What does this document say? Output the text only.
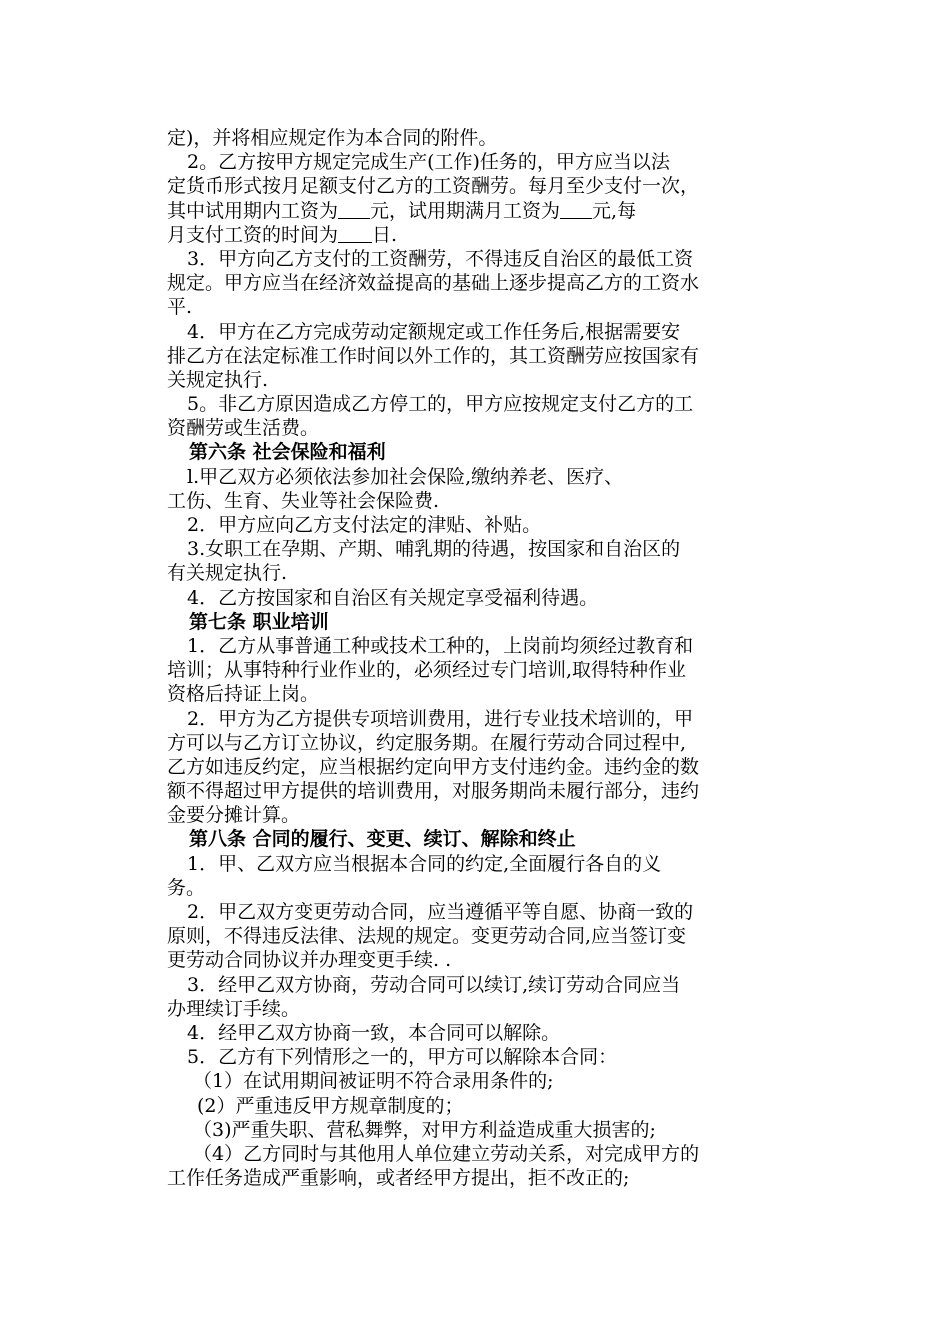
定)，并将相应规定作为本合同的附件。
2。乙方按甲方规定完成生产(工作)任务的，甲方应当以法
定货币形式按月足额支付乙方的工资酬劳。每月至少支付一次，
其中试用期内工资为 元，试用期满月工资为 元,每
月支付工资的时间为 日.
3．甲方向乙方支付的工资酬劳，不得违反自治区的最低工资
规定。甲方应当在经济效益提高的基础上逐步提高乙方的工资水
平.
4．甲方在乙方完成劳动定额规定或工作任务后,根据需要安
排乙方在法定标准工作时间以外工作的，其工资酬劳应按国家有
关规定执行.
5。非乙方原因造成乙方停工的，甲方应按规定支付乙方的工
资酬劳或生活费。
第六条 社会保险和福利
l.甲乙双方必须依法参加社会保险,缴纳养老、医疗、
工伤、生育、失业等社会保险费.
2．甲方应向乙方支付法定的津贴、补贴。
3.女职工在孕期、产期、哺乳期的待遇，按国家和自治区的
有关规定执行.
4．乙方按国家和自治区有关规定享受福利待遇。
第七条 职业培训
1．乙方从事普通工种或技术工种的，上岗前均须经过教育和
培训；从事特种行业作业的，必须经过专门培训,取得特种作业
资格后持证上岗。
2．甲方为乙方提供专项培训费用，进行专业技术培训的，甲
方可以与乙方订立协议，约定服务期。在履行劳动合同过程中,
乙方如违反约定，应当根据约定向甲方支付违约金。违约金的数
额不得超过甲方提供的培训费用，对服务期尚未履行部分，违约
金要分摊计算。
第八条 合同的履行、变更、续订、解除和终止
1．甲、乙双方应当根据本合同的约定,全面履行各自的义
务。
2．甲乙双方变更劳动合同，应当遵循平等自愿、协商一致的
原则，不得违反法律、法规的规定。变更劳动合同,应当签订变
更劳动合同协议并办理变更手续. .
3．经甲乙双方协商，劳动合同可以续订,续订劳动合同应当
办理续订手续。
4．经甲乙双方协商一致，本合同可以解除。
5．乙方有下列情形之一的，甲方可以解除本合同：
（1）在试用期间被证明不符合录用条件的;
(2）严重违反甲方规章制度的；
（3)严重失职、营私舞弊，对甲方利益造成重大损害的;
（4）乙方同时与其他用人单位建立劳动关系，对完成甲方的
工作任务造成严重影响，或者经甲方提出，拒不改正的;
